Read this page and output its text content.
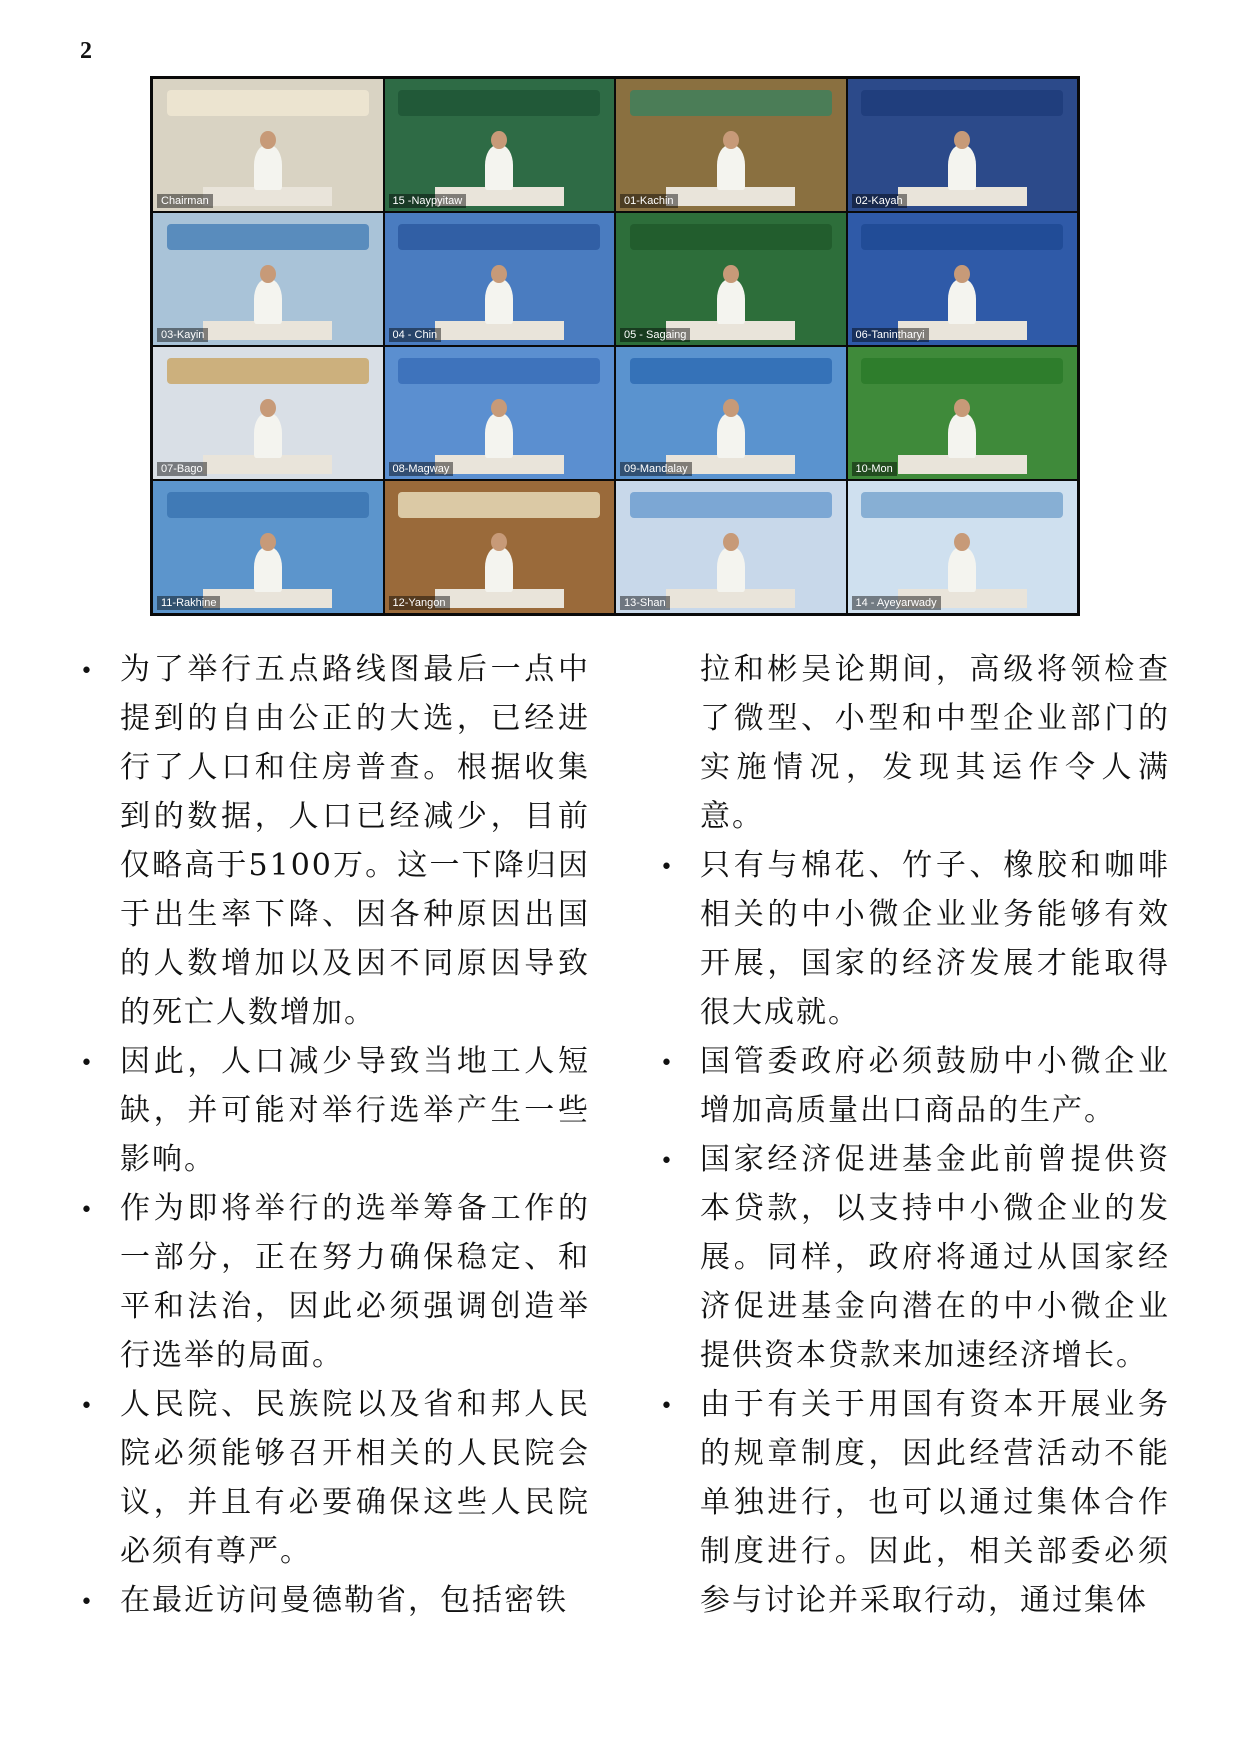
2
Chairman	15 -Naypyitaw	01-Kachin	02-Kayah
03-Kayin	04 - Chin	05 - Sagaing	06-Tanintharyi
07-Bago	08-Magway	09-Mandalay	10-Mon
11-Rakhine	12-Yangon	13-Shan	14 - Ayeyarwady
• 为了举行五点路线图最后一点中提到的自由公正的大选，已经进行了人口和住房普查。根据收集到的数据，人口已经减少，目前仅略高于5100万。这一下降归因于出生率下降、因各种原因出国的人数增加以及因不同原因导致的死亡人数增加。
• 因此，人口减少导致当地工人短缺，并可能对举行选举产生一些影响。
• 作为即将举行的选举筹备工作的一部分，正在努力确保稳定、和平和法治，因此必须强调创造举行选举的局面。
• 人民院、民族院以及省和邦人民院必须能够召开相关的人民院会议，并且有必要确保这些人民院必须有尊严。
• 在最近访问曼德勒省，包括密铁
拉和彬吴论期间，高级将领检查了微型、小型和中型企业部门的实施情况，发现其运作令人满意。
• 只有与棉花、竹子、橡胶和咖啡相关的中小微企业业务能够有效开展，国家的经济发展才能取得很大成就。
• 国管委政府必须鼓励中小微企业增加高质量出口商品的生产。
• 国家经济促进基金此前曾提供资本贷款，以支持中小微企业的发展。同样，政府将通过从国家经济促进基金向潜在的中小微企业提供资本贷款来加速经济增长。
• 由于有关于用国有资本开展业务的规章制度，因此经营活动不能单独进行，也可以通过集体合作制度进行。因此，相关部委必须参与讨论并采取行动，通过集体
